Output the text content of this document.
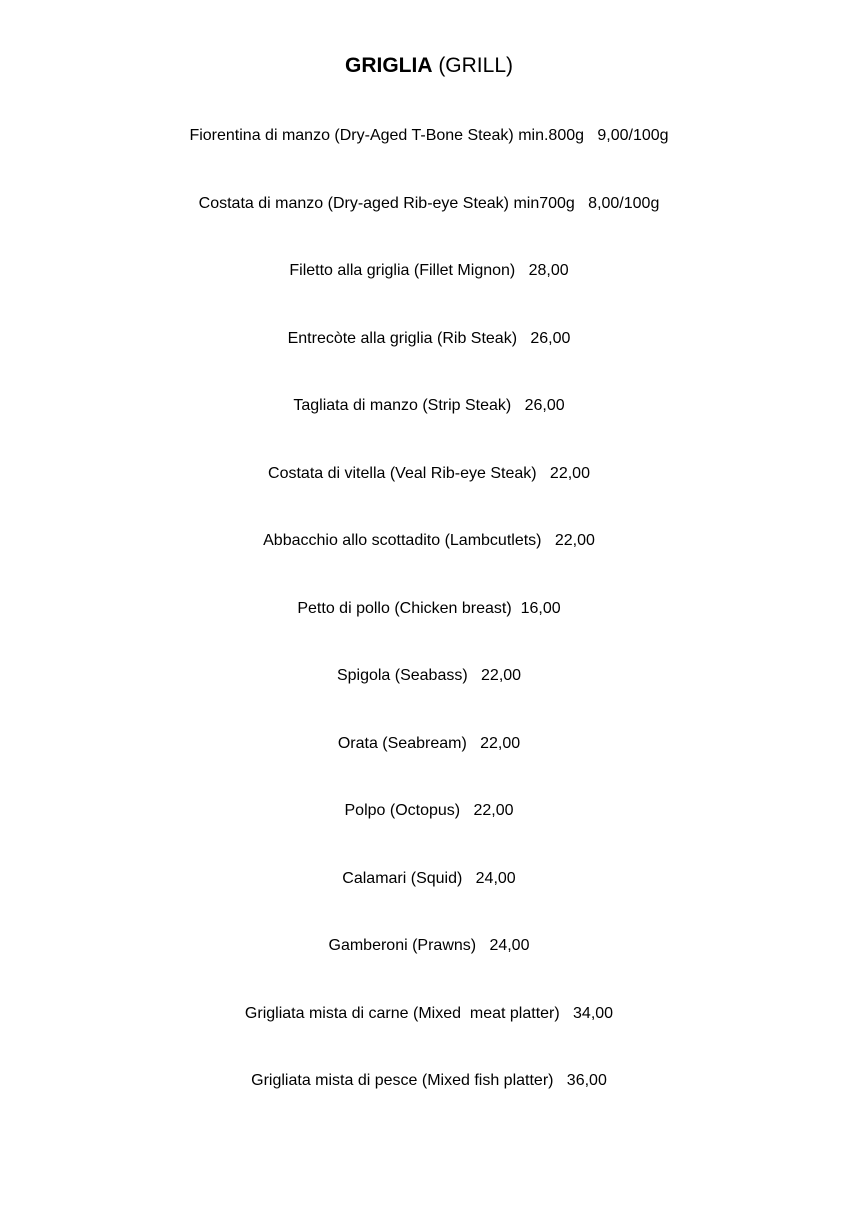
GRIGLIA (GRILL)
Fiorentina di manzo (Dry-Aged T-Bone Steak) min.800g   9,00/100g
Costata di manzo (Dry-aged Rib-eye Steak) min700g   8,00/100g
Filetto alla griglia (Fillet Mignon)   28,00
Entrecòte alla griglia (Rib Steak)   26,00
Tagliata di manzo (Strip Steak)   26,00
Costata di vitella (Veal Rib-eye Steak)   22,00
Abbacchio allo scottadito (Lambcutlets)   22,00
Petto di pollo (Chicken breast)  16,00
Spigola (Seabass)   22,00
Orata (Seabream)   22,00
Polpo (Octopus)   22,00
Calamari (Squid)   24,00
Gamberoni (Prawns)   24,00
Grigliata mista di carne (Mixed  meat platter)   34,00
Grigliata mista di pesce (Mixed fish platter)   36,00
